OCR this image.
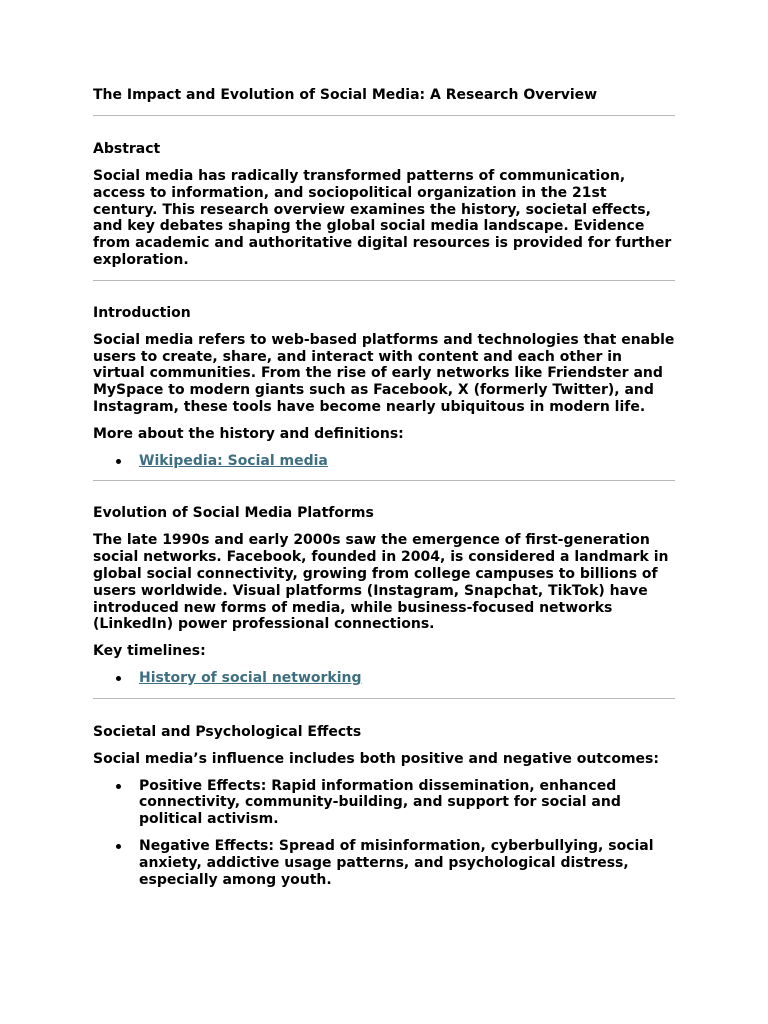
The Impact and Evolution of Social Media: A Research Overview
Abstract

Social media has radically transformed patterns of communication, access to information, and sociopolitical organization in the 21st century. This research overview examines the history, societal effects, and key debates shaping the global social media landscape. Evidence from academic and authoritative digital resources is provided for further exploration.

Introduction

Social media refers to web-based platforms and technologies that enable users to create, share, and interact with content and each other in virtual communities. From the rise of early networks like Friendster and MySpace to modern giants such as Facebook, X (formerly Twitter), and Instagram, these tools have become nearly ubiquitous in modern life.

More about the history and definitions:

Wikipedia: Social media
Evolution of Social Media Platforms

The late 1990s and early 2000s saw the emergence of first-generation social networks. Facebook, founded in 2004, is considered a landmark in global social connectivity, growing from college campuses to billions of users worldwide. Visual platforms (Instagram, Snapchat, TikTok) have introduced new forms of media, while business-focused networks (LinkedIn) power professional connections.

Key timelines:

History of social networking
Societal and Psychological Effects

Social media’s influence includes both positive and negative outcomes:

Positive Effects: Rapid information dissemination, enhanced connectivity, community-building, and support for social and political activism.
Negative Effects: Spread of misinformation, cyberbullying, social anxiety, addictive usage patterns, and psychological distress, especially among youth.
